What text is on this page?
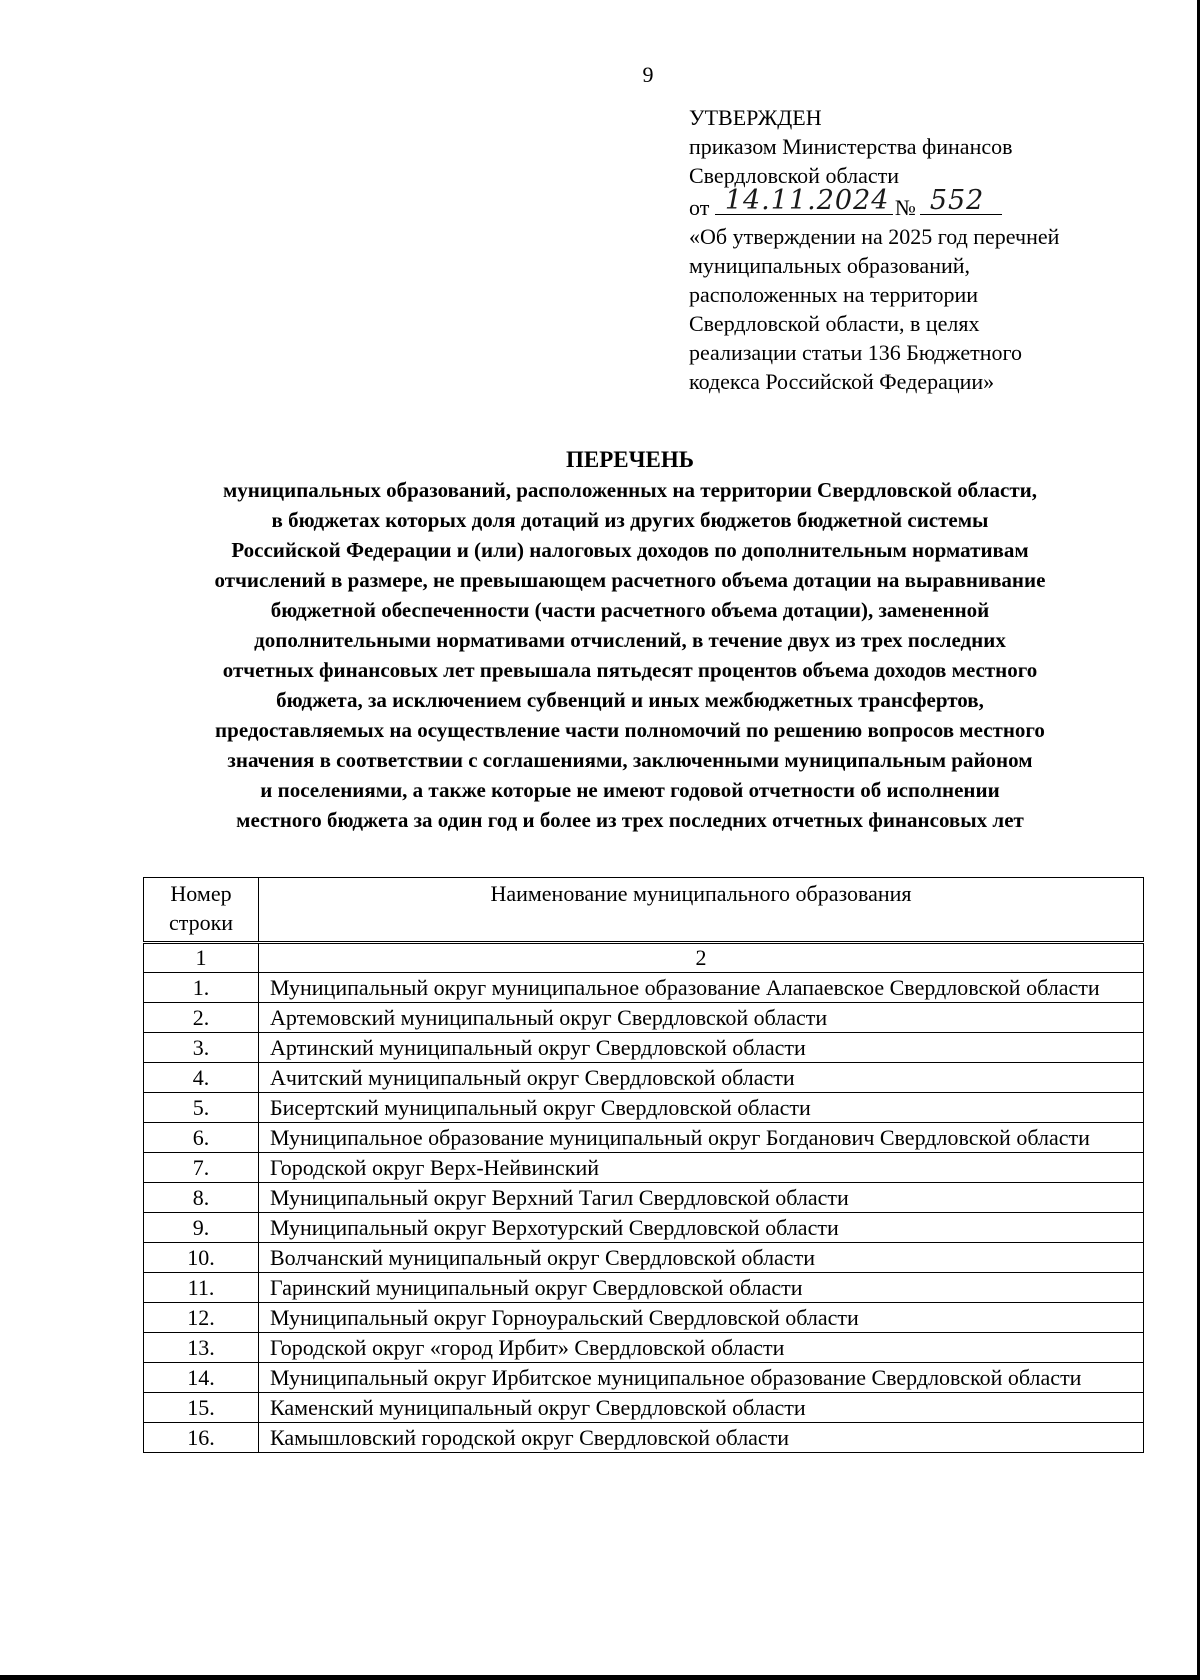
9
УТВЕРЖДЕН
приказом Министерства финансов
Свердловской области
от 14.11.2024 № 552
«Об утверждении на 2025 год перечней
муниципальных образований,
расположенных на территории
Свердловской области, в целях
реализации статьи 136 Бюджетного
кодекса Российской Федерации»
ПЕРЕЧЕНЬ
муниципальных образований, расположенных на территории Свердловской области,
в бюджетах которых доля дотаций из других бюджетов бюджетной системы
Российской Федерации и (или) налоговых доходов по дополнительным нормативам
отчислений в размере, не превышающем расчетного объема дотации на выравнивание
бюджетной обеспеченности (части расчетного объема дотации), замененной
дополнительными нормативами отчислений, в течение двух из трех последних
отчетных финансовых лет превышала пятьдесят процентов объема доходов местного
бюджета, за исключением субвенций и иных межбюджетных трансфертов,
предоставляемых на осуществление части полномочий по решению вопросов местного
значения в соответствии с соглашениями, заключенными муниципальным районом
и поселениями, а также которые не имеют годовой отчетности об исполнении
местного бюджета за один год и более из трех последних отчетных финансовых лет
Номер
строки	Наименование муниципального образования
1	2
1.	Муниципальный округ муниципальное образование Алапаевское Свердловской области
2.	Артемовский муниципальный округ Свердловской области
3.	Артинский муниципальный округ Свердловской области
4.	Ачитский муниципальный округ Свердловской области
5.	Бисертский муниципальный округ Свердловской области
6.	Муниципальное образование муниципальный округ Богданович Свердловской области
7.	Городской округ Верх-Нейвинский
8.	Муниципальный округ Верхний Тагил Свердловской области
9.	Муниципальный округ Верхотурский Свердловской области
10.	Волчанский муниципальный округ Свердловской области
11.	Гаринский муниципальный округ Свердловской области
12.	Муниципальный округ Горноуральский Свердловской области
13.	Городской округ «город Ирбит» Свердловской области
14.	Муниципальный округ Ирбитское муниципальное образование Свердловской области
15.	Каменский муниципальный округ Свердловской области
16.	Камышловский городской округ Свердловской области
